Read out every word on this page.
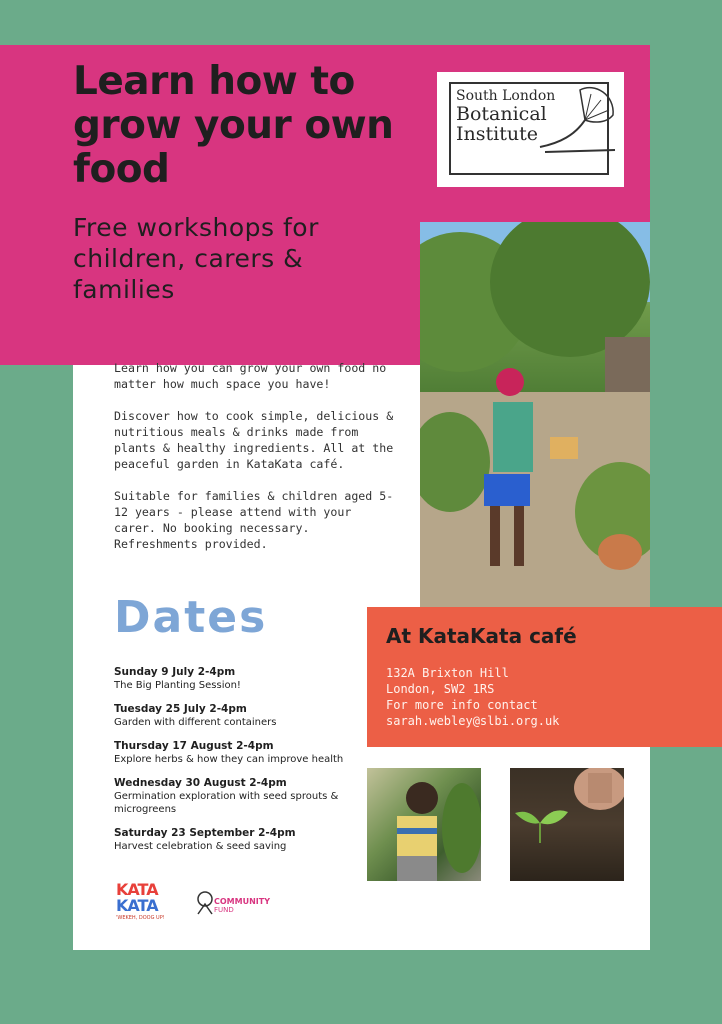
Learn how to grow your own food
Free workshops for children, carers & families
South London
Botanical
Institute

Learn how you can grow your own food no matter how much space you have!

Discover how to cook simple, delicious & nutritious meals & drinks made from plants & healthy ingredients. All at the peaceful garden in KataKata café.

Suitable for families & children aged 5-12 years - please attend with your carer. No booking necessary. Refreshments provided.

Dates
Sunday 9 July 2-4pm
The Big Planting Session!
Tuesday 25 July 2-4pm
Garden with different containers
Thursday 17 August 2-4pm
Explore herbs & how they can improve health
Wednesday 30 August 2-4pm
Germination exploration with seed sprouts & microgreens
Saturday 23 September 2-4pm
Harvest celebration & seed saving
At KataKata café
132A Brixton Hill
London, SW2 1RS
For more info contact
sarah.webley@slbi.org.uk
KATA
KATA
'WEKEH, DOOG UP!
COMMUNITY
FUND
